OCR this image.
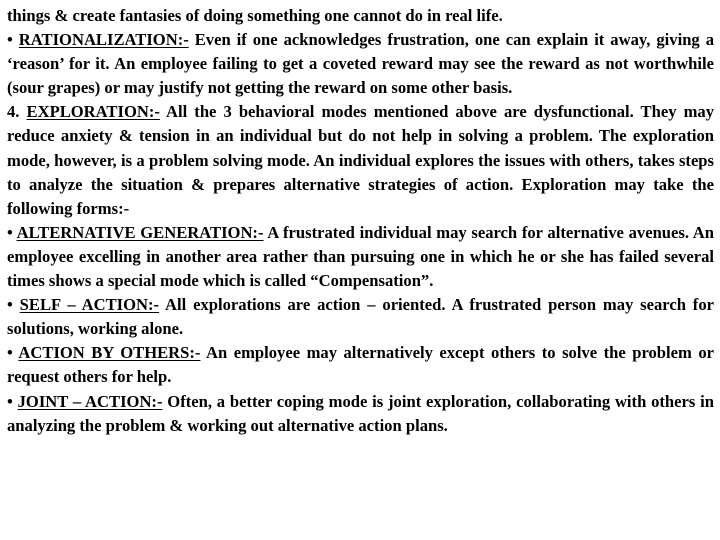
things & create fantasies of doing something one cannot do in real life.

• RATIONALIZATION:- Even if one acknowledges frustration, one can explain it away, giving a ‘reason’ for it. An employee failing to get a coveted reward may see the reward as not worthwhile (sour grapes) or may justify not getting the reward on some other basis.

4. EXPLORATION:- All the 3 behavioral modes mentioned above are dysfunctional. They may reduce anxiety & tension in an individual but do not help in solving a problem. The exploration mode, however, is a problem solving mode. An individual explores the issues with others, takes steps to analyze the situation & prepares alternative strategies of action. Exploration may take the following forms:-

• ALTERNATIVE GENERATION:- A frustrated individual may search for alternative avenues. An employee excelling in another area rather than pursuing one in which he or she has failed several times shows a special mode which is called “Compensation”.

• SELF – ACTION:- All explorations are action – oriented. A frustrated person may search for solutions, working alone.

• ACTION BY OTHERS:- An employee may alternatively except others to solve the problem or request others for help.

• JOINT – ACTION:- Often, a better coping mode is joint exploration, collaborating with others in analyzing the problem & working out alternative action plans.
